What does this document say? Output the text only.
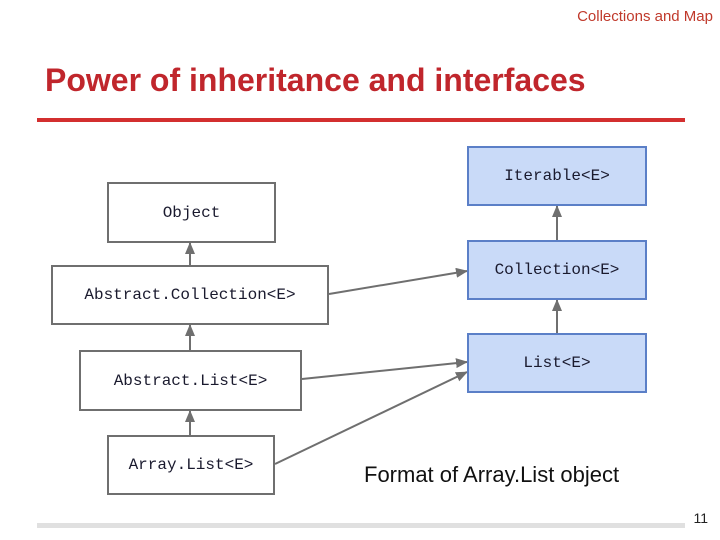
Collections and Map
Power of inheritance and interfaces
Iterable<E>
Object
Collection<E>
Abstract.Collection<E>
List<E>
Abstract.List<E>
Array.List<E>	Format of Array.List object
11
